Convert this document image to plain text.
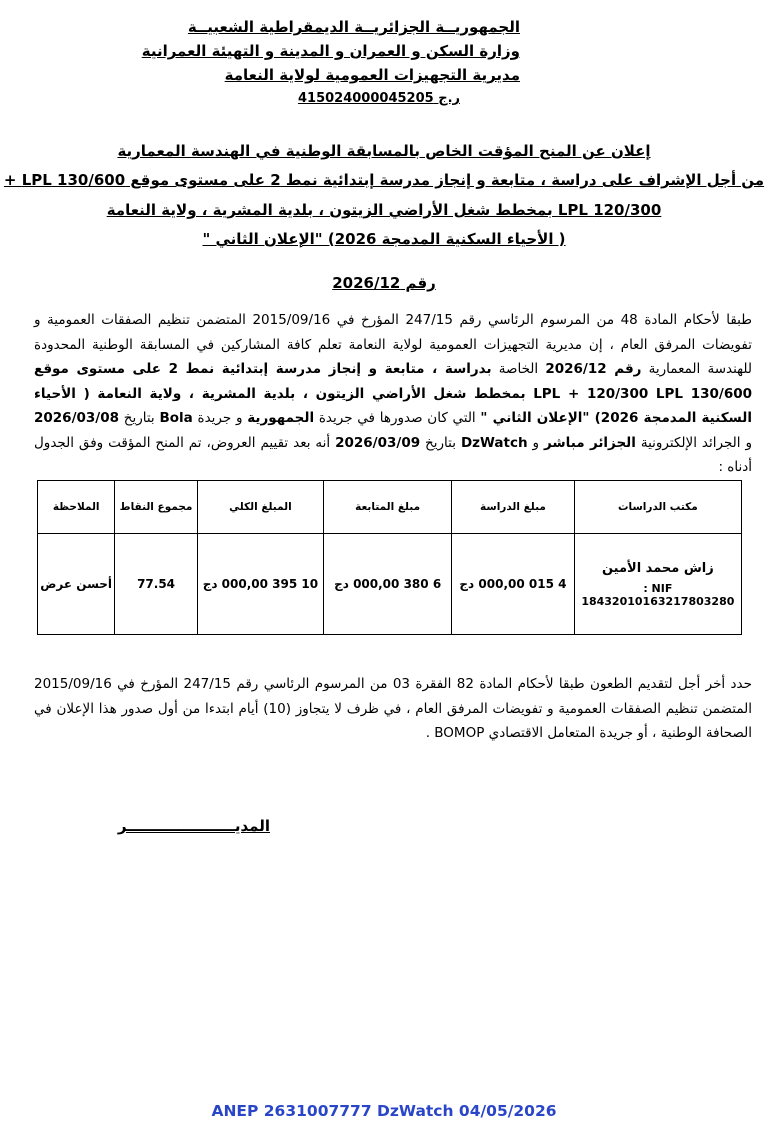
الجمهوريــة الجزائريــة الديمقراطية الشعبيــة
وزارة السكن و العمران و المدينة و التهيئة العمرانية
مديرية التجهيزات العمومية لولاية النعامة
ر.ج 415024000045205
إعلان عن المنح المؤقت الخاص بالمسابقة الوطنية في الهندسة المعمارية
من أجل الإشراف على دراسة ، متابعة و إنجاز مدرسة إبتدائية نمط 2 على مستوى موقع 130/600 LPL +
120/300 LPL بمخطط شغل الأراضي الزيتون ، بلدية المشرية ، ولاية النعامة
( الأحياء السكنية المدمجة 2026) "الإعلان الثاني "
رقم 2026/12
طبقا لأحكام المادة 48 من المرسوم الرئاسي رقم 247/15 المؤرخ في 2015/09/16 المتضمن تنظيم الصفقات العمومية و تفويضات المرفق العام ، إن مديرية التجهيزات العمومية لولاية النعامة تعلم كافة المشاركين في المسابقة الوطنية المحدودة للهندسة المعمارية رقم 2026/12 الخاصة بدراسة ، متابعة و إنجاز مدرسة إبتدائية نمط 2 على مستوى موقع 130/600 LPL + 120/300 LPL بمخطط شغل الأراضي الزيتون ، بلدية المشرية ، ولاية النعامة ( الأحياء السكنية المدمجة 2026) "الإعلان الثاني " التي كان صدورها في جريدة الجمهورية و جريدة Bola بتاريخ 2026/03/08 و الجرائد الإلكترونية الجزائر مباشر و DzWatch بتاريخ 2026/03/09 أنه بعد تقييم العروض، تم المنح المؤقت وفق الجدول أدناه :
مكتب الدراسات	مبلغ الدراسة	مبلغ المتابعة	المبلغ الكلي	مجموع النقاط	الملاحظة

زاش محمد الأمين
NIF :
18432010163217803280	4 015 000,00 دج	6 380 000,00 دج	10 395 000,00 دج	77.54	أحسن عرض
حدد أخر أجل لتقديم الطعون طبقا لأحكام المادة 82 الفقرة 03 من المرسوم الرئاسي رقم 247/15 المؤرخ في 2015/09/16 المتضمن تنظيم الصفقات العمومية و تفويضات المرفق العام ، في ظرف لا يتجاوز (10) أيام ابتدءا من أول صدور هذا الإعلان في الصحافة الوطنية ، أو جريدة المتعامل الاقتصادي BOMOP .
المديـــــــــــــــــــــر
ANEP 2631007777 DzWatch 04/05/2026
